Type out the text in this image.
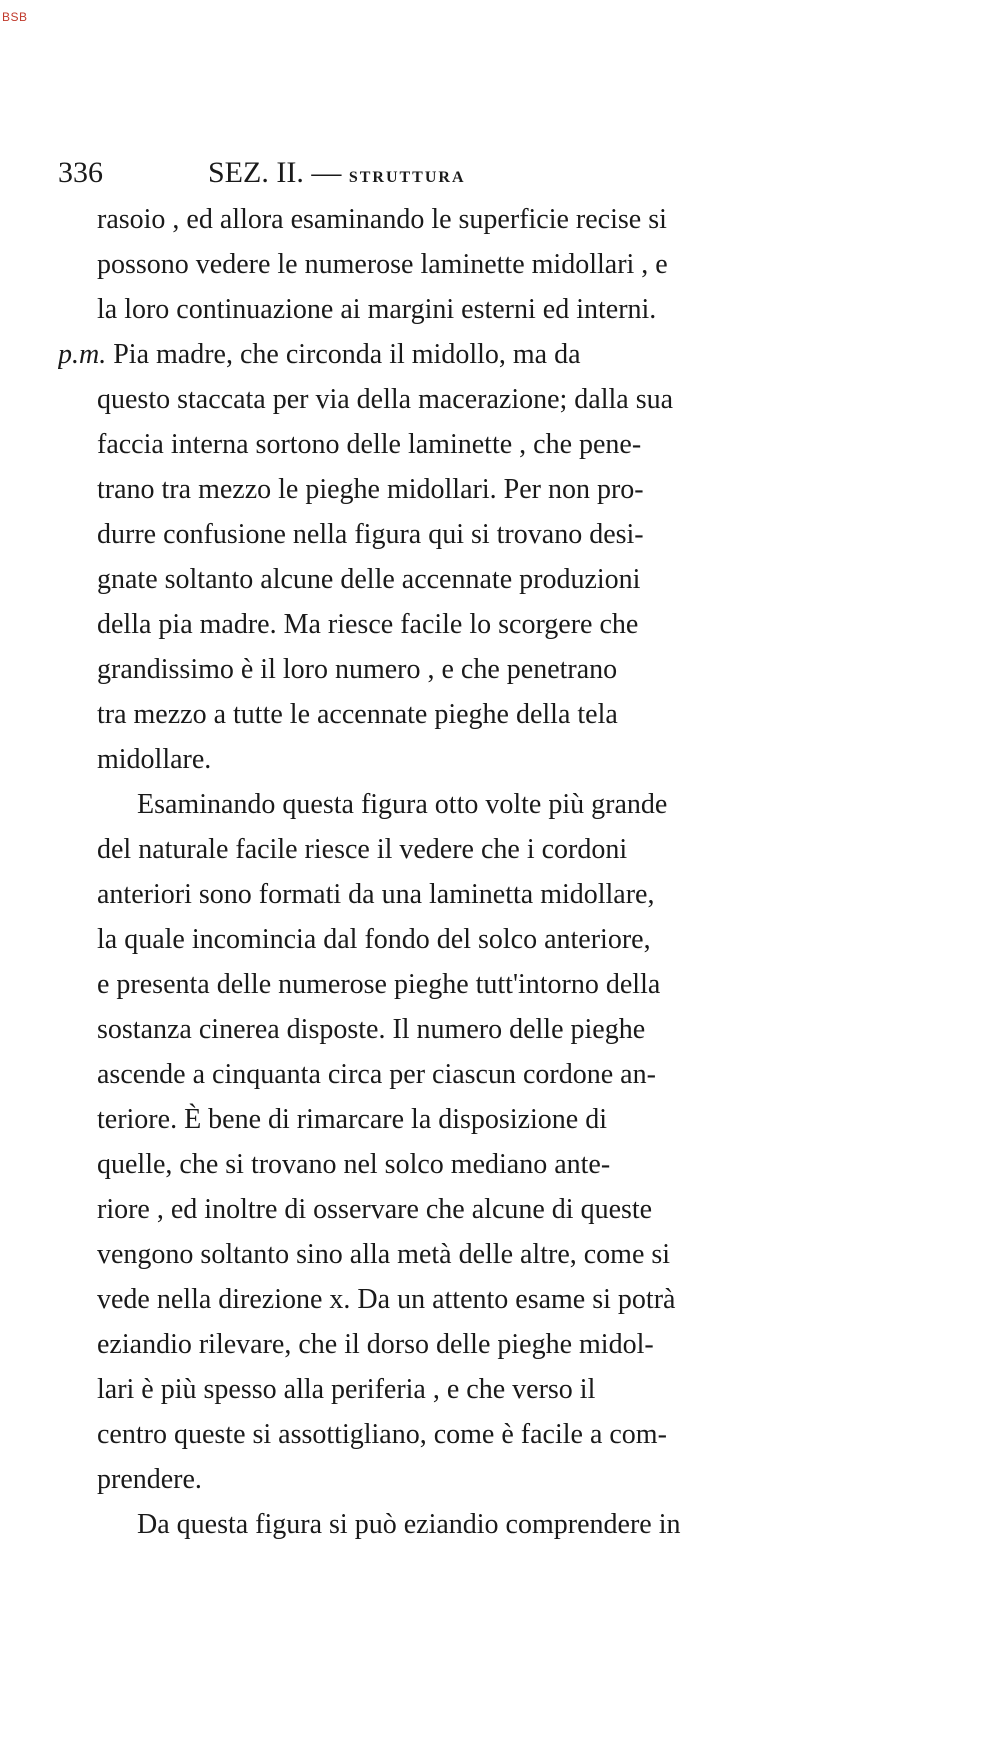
BSB
336	SEZ. II. — STRUTTURA
rasoio , ed allora esaminando le superficie recise si
possono vedere le numerose laminette midollari , e
la loro continuazione ai margini esterni ed interni.
p.m. Pia madre, che circonda il midollo, ma da
questo staccata per via della macerazione; dalla sua
faccia interna sortono delle laminette , che pene-
trano tra mezzo le pieghe midollari. Per non pro-
durre confusione nella figura qui si trovano desi-
gnate soltanto alcune delle accennate produzioni
della pia madre. Ma riesce facile lo scorgere che
grandissimo è il loro numero , e che penetrano
tra mezzo a tutte le accennate pieghe della tela
midollare.
Esaminando questa figura otto volte più grande
del naturale facile riesce il vedere che i cordoni
anteriori sono formati da una laminetta midollare,
la quale incomincia dal fondo del solco anteriore,
e presenta delle numerose pieghe tutt'intorno della
sostanza cinerea disposte. Il numero delle pieghe
ascende a cinquanta circa per ciascun cordone an-
teriore. È bene di rimarcare la disposizione di
quelle, che si trovano nel solco mediano ante-
riore , ed inoltre di osservare che alcune di queste
vengono soltanto sino alla metà delle altre, come si
vede nella direzione x. Da un attento esame si potrà
eziandio rilevare, che il dorso delle pieghe midol-
lari è più spesso alla periferia , e che verso il
centro queste si assottigliano, come è facile a com-
prendere.
Da questa figura si può eziandio comprendere in
